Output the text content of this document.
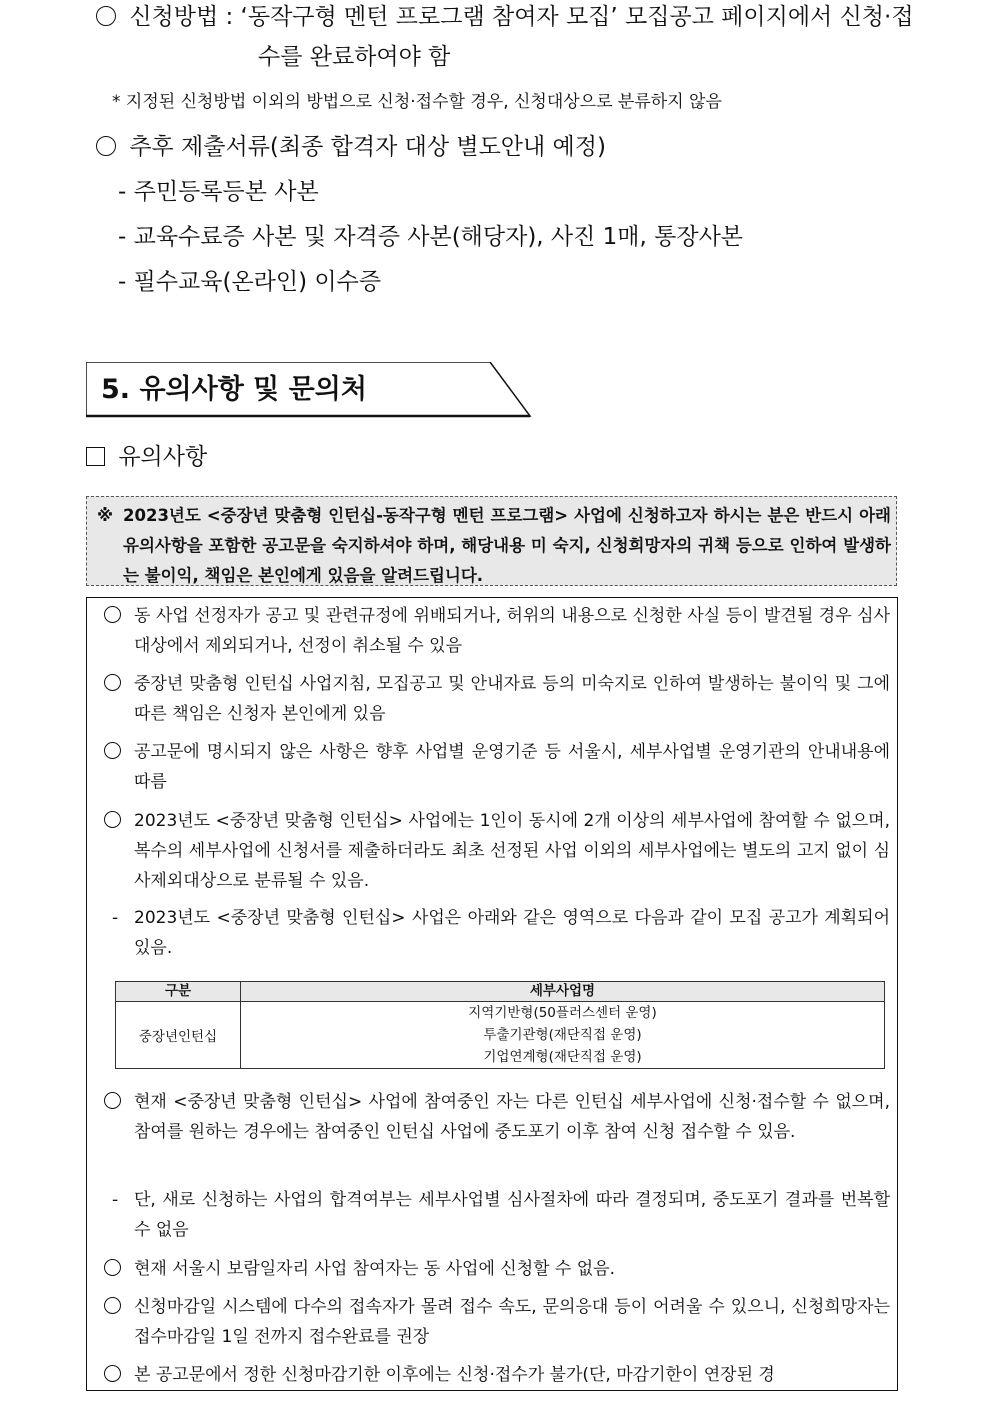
신청방법 : ‘동작구형 멘턴 프로그램 참여자 모집’ 모집공고 페이지에서 신청·접
수를 완료하여야 함
* 지정된 신청방법 이외의 방법으로 신청·접수할 경우, 신청대상으로 분류하지 않음
추후 제출서류(최종 합격자 대상 별도안내 예정)
- 주민등록등본 사본
- 교육수료증 사본 및 자격증 사본(해당자), 사진 1매, 통장사본
- 필수교육(온라인) 이수증
5. 유의사항 및 문의처
유의사항
※ 2023년도 <중장년 맞춤형 인턴십-동작구형 멘턴 프로그램> 사업에 신청하고자 하시는 분은 반드시 아래 유의사항을 포함한 공고문을 숙지하셔야 하며, 해당내용 미 숙지, 신청희망자의 귀책 등으로 인하여 발생하는 불이익, 책임은 본인에게 있음을 알려드립니다.
동 사업 선정자가 공고 및 관련규정에 위배되거나, 허위의 내용으로 신청한 사실 등이 발견될 경우 심사대상에서 제외되거나, 선정이 취소될 수 있음
중장년 맞춤형 인턴십 사업지침, 모집공고 및 안내자료 등의 미숙지로 인하여 발생하는 불이익 및 그에 따른 책임은 신청자 본인에게 있음
공고문에 명시되지 않은 사항은 향후 사업별 운영기준 등 서울시, 세부사업별 운영기관의 안내내용에 따름
2023년도 <중장년 맞춤형 인턴십> 사업에는 1인이 동시에 2개 이상의 세부사업에 참여할 수 없으며, 복수의 세부사업에 신청서를 제출하더라도 최초 선정된 사업 이외의 세부사업에는 별도의 고지 없이 심사제외대상으로 분류될 수 있음.
- 2023년도 <중장년 맞춤형 인턴십> 사업은 아래와 같은 영역으로 다음과 같이 모집 공고가 계획되어 있음.
구분	세부사업명
중장년인턴십	지역기반형(50플러스센터 운영)
투출기관형(재단직접 운영)
기업연계형(재단직접 운영)
현재 <중장년 맞춤형 인턴십> 사업에 참여중인 자는 다른 인턴십 세부사업에 신청·접수할 수 없으며, 참여를 원하는 경우에는 참여중인 인턴십 사업에 중도포기 이후 참여 신청 접수할 수 있음.
- 단, 새로 신청하는 사업의 합격여부는 세부사업별 심사절차에 따라 결정되며, 중도포기 결과를 번복할 수 없음
현재 서울시 보람일자리 사업 참여자는 동 사업에 신청할 수 없음.
신청마감일 시스템에 다수의 접속자가 몰려 접수 속도, 문의응대 등이 어려울 수 있으니, 신청희망자는 접수마감일 1일 전까지 접수완료를 권장
본 공고문에서 정한 신청마감기한 이후에는 신청·접수가 불가(단, 마감기한이 연장된 경
